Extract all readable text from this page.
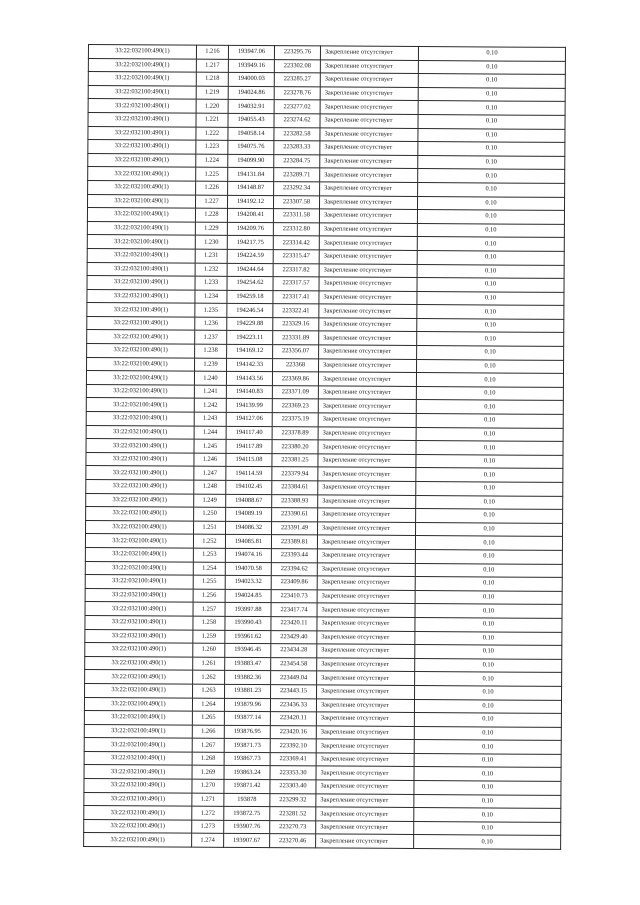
33:22:032100:490(1)	1.216	193947.06	223295.76	Закрепление отсутствует	0.10
33:22:032100:490(1)	1.217	193949.16	223302.08	Закрепление отсутствует	0.10
33:22:032100:490(1)	1.218	194000.03	223285.27	Закрепление отсутствует	0.10
33:22:032100:490(1)	1.219	194024.86	223278.76	Закрепление отсутствует	0.10
33:22:032100:490(1)	1.220	194032.91	223277.02	Закрепление отсутствует	0.10
33:22:032100:490(1)	1.221	194055.43	223274.62	Закрепление отсутствует	0.10
33:22:032100:490(1)	1.222	194058.14	223282.58	Закрепление отсутствует	0.10
33:22:032100:490(1)	1.223	194075.76	223283.33	Закрепление отсутствует	0.10
33:22:032100:490(1)	1.224	194099.90	223284.75	Закрепление отсутствует	0.10
33:22:032100:490(1)	1.225	194131.84	223289.71	Закрепление отсутствует	0.10
33:22:032100:490(1)	1.226	194148.87	223292.34	Закрепление отсутствует	0.10
33:22:032100:490(1)	1.227	194192.12	223307.58	Закрепление отсутствует	0.10
33:22:032100:490(1)	1.228	194208.41	223311.58	Закрепление отсутствует	0.10
33:22:032100:490(1)	1.229	194209.76	223312.80	Закрепление отсутствует	0.10
33:22:032100:490(1)	1.230	194217.75	223314.42	Закрепление отсутствует	0.10
33:22:032100:490(1)	1.231	194224.59	223315.47	Закрепление отсутствует	0.10
33:22:032100:490(1)	1.232	194244.64	223317.82	Закрепление отсутствует	0.10
33:22:032100:490(1)	1.233	194254.62	223317.57	Закрепление отсутствует	0.10
33:22:032100:490(1)	1.234	194259.18	223317.41	Закрепление отсутствует	0.10
33:22:032100:490(1)	1.235	194246.54	223322.41	Закрепление отсутствует	0.10
33:22:032100:490(1)	1.236	194229.88	223329.16	Закрепление отсутствует	0.10
33:22:032100:490(1)	1.237	194223.11	223331.89	Закрепление отсутствует	0.10
33:22:032100:490(1)	1.238	194169.12	223356.07	Закрепление отсутствует	0.10
33:22:032100:490(1)	1.239	194142.33	223368	Закрепление отсутствует	0.10
33:22:032100:490(1)	1.240	194143.56	223369.86	Закрепление отсутствует	0.10
33:22:032100:490(1)	1.241	194140.83	223371.09	Закрепление отсутствует	0.10
33:22:032100:490(1)	1.242	194139.99	223369.23	Закрепление отсутствует	0.10
33:22:032100:490(1)	1.243	194127.06	223375.19	Закрепление отсутствует	0.10
33:22:032100:490(1)	1.244	194117.40	223378.89	Закрепление отсутствует	0.10
33:22:032100:490(1)	1.245	194117.89	223380.20	Закрепление отсутствует	0.10
33:22:032100:490(1)	1.246	194115.08	223381.25	Закрепление отсутствует	0.10
33:22:032100:490(1)	1.247	194114.59	223379.94	Закрепление отсутствует	0.10
33:22:032100:490(1)	1.248	194102.45	223384.61	Закрепление отсутствует	0.10
33:22:032100:490(1)	1.249	194088.67	223388.93	Закрепление отсутствует	0.10
33:22:032100:490(1)	1.250	194089.19	223390.61	Закрепление отсутствует	0.10
33:22:032100:490(1)	1.251	194086.32	223391.49	Закрепление отсутствует	0.10
33:22:032100:490(1)	1.252	194085.81	223389.81	Закрепление отсутствует	0.10
33:22:032100:490(1)	1.253	194074.16	223393.44	Закрепление отсутствует	0.10
33:22:032100:490(1)	1.254	194070.58	223394.62	Закрепление отсутствует	0.10
33:22:032100:490(1)	1.255	194023.32	223409.86	Закрепление отсутствует	0.10
33:22:032100:490(1)	1.256	194024.85	223410.73	Закрепление отсутствует	0.10
33:22:032100:490(1)	1.257	193997.88	223417.74	Закрепление отсутствует	0.10
33:22:032100:490(1)	1.258	193990.43	223420.11	Закрепление отсутствует	0.10
33:22:032100:490(1)	1.259	193961.62	223429.40	Закрепление отсутствует	0.10
33:22:032100:490(1)	1.260	193946.45	223434.28	Закрепление отсутствует	0.10
33:22:032100:490(1)	1.261	193883.47	223454.58	Закрепление отсутствует	0.10
33:22:032100:490(1)	1.262	193882.36	223449.04	Закрепление отсутствует	0.10
33:22:032100:490(1)	1.263	193881.23	223443.15	Закрепление отсутствует	0.10
33:22:032100:490(1)	1.264	193879.96	223436.33	Закрепление отсутствует	0.10
33:22:032100:490(1)	1.265	193877.14	223420.11	Закрепление отсутствует	0.10
33:22:032100:490(1)	1.266	193876.95	223420.16	Закрепление отсутствует	0.10
33:22:032100:490(1)	1.267	193871.73	223392.10	Закрепление отсутствует	0.10
33:22:032100:490(1)	1.268	193867.73	223369.41	Закрепление отсутствует	0.10
33:22:032100:490(1)	1.269	193863.24	223353.30	Закрепление отсутствует	0.10
33:22:032100:490(1)	1.270	193871.42	223303.40	Закрепление отсутствует	0.10
33:22:032100:490(1)	1.271	193878	223299.32	Закрепление отсутствует	0.10
33:22:032100:490(1)	1.272	193872.75	223281.52	Закрепление отсутствует	0.10
33:22:032100:490(1)	1.273	193907.76	223270.73	Закрепление отсутствует	0.10
33:22:032100:490(1)	1.274	193907.67	223270.46	Закрепление отсутствует	0.10
